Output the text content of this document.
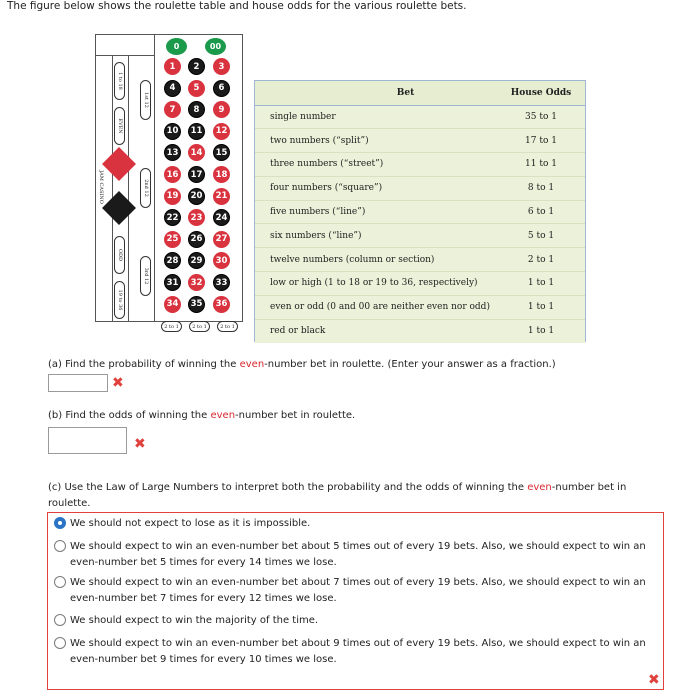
The figure below shows the roulette table and house odds for the various roulette bets.
1 to 18
EVEN
JAM CASINO
ODD
19 to 36
1st 12
2nd 12
3rd 12
0	00
1	2	3
4	5	6
7	8	9
10	11	12
13	14	15
16	17	18
19	20	21
22	23	24
25	26	27
28	29	30
31	32	33
34	35	36
2 to 1	2 to 1	2 to 1
Bet	House Odds
single number	35 to 1
two numbers (“split”)	17 to 1
three numbers (“street”)	11 to 1
four numbers (“square”)	8 to 1
five numbers (“line”)	6 to 1
six numbers (“line”)	5 to 1
twelve numbers (column or section)	2 to 1
low or high (1 to 18 or 19 to 36, respectively)	1 to 1
even or odd (0 and 00 are neither even nor odd)	1 to 1
red or black	1 to 1
(a) Find the probability of winning the even-number bet in roulette. (Enter your answer as a fraction.)
✖
(b) Find the odds of winning the even-number bet in roulette.
✖
(c) Use the Law of Large Numbers to interpret both the probability and the odds of winning the even-number bet in roulette.
We should not expect to lose as it is impossible.
We should expect to win an even-number bet about 5 times out of every 19 bets. Also, we should expect to win an even-number bet 5 times for every 14 times we lose.
We should expect to win an even-number bet about 7 times out of every 19 bets. Also, we should expect to win an even-number bet 7 times for every 12 times we lose.
We should expect to win the majority of the time.
We should expect to win an even-number bet about 9 times out of every 19 bets. Also, we should expect to win an even-number bet 9 times for every 10 times we lose.
✖
